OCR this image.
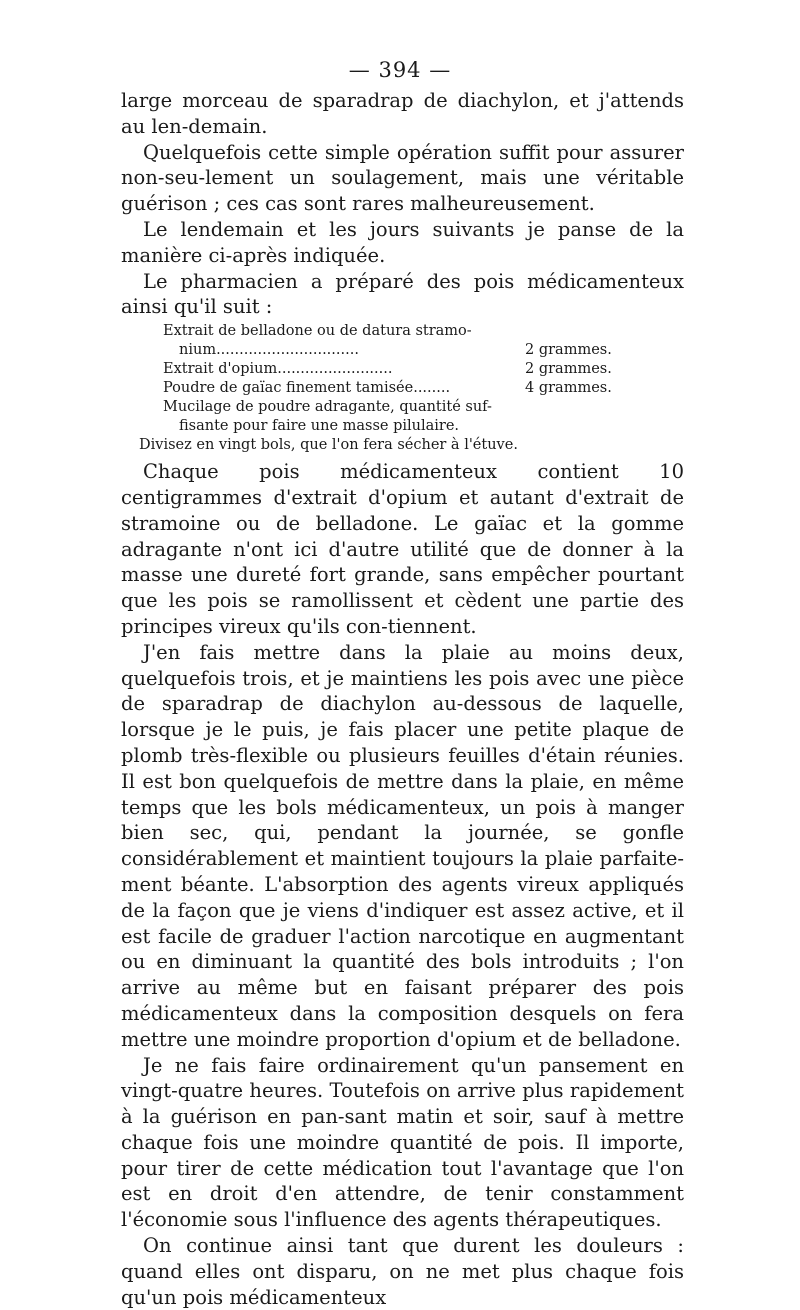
— 394 —

large morceau de sparadrap de diachylon, et j'attends au len-demain.

Quelquefois cette simple opération suffit pour assurer non-seu-lement un soulagement, mais une véritable guérison ; ces cas sont rares malheureusement.

Le lendemain et les jours suivants je panse de la manière ci-après indiquée.

Le pharmacien a préparé des pois médicamenteux ainsi qu'il suit :

Extrait de belladone ou de datura stramo-
nium...............................	2 grammes.
Extrait d'opium.........................	2 grammes.
Poudre de gaïac finement tamisée........	4 grammes.
Mucilage de poudre adragante, quantité suf-
fisante pour faire une masse pilulaire.
Divisez en vingt bols, que l'on fera sécher à l'étuve.

Chaque pois médicamenteux contient 10 centigrammes d'extrait d'opium et autant d'extrait de stramoine ou de belladone. Le gaïac et la gomme adragante n'ont ici d'autre utilité que de donner à la masse une dureté fort grande, sans empêcher pourtant que les pois se ramollissent et cèdent une partie des principes vireux qu'ils con-tiennent.

J'en fais mettre dans la plaie au moins deux, quelquefois trois, et je maintiens les pois avec une pièce de sparadrap de diachylon au-dessous de laquelle, lorsque je le puis, je fais placer une petite plaque de plomb très-flexible ou plusieurs feuilles d'étain réunies. Il est bon quelquefois de mettre dans la plaie, en même temps que les bols médicamenteux, un pois à manger bien sec, qui, pendant la journée, se gonfle considérablement et maintient toujours la plaie parfaite-ment béante. L'absorption des agents vireux appliqués de la façon que je viens d'indiquer est assez active, et il est facile de graduer l'action narcotique en augmentant ou en diminuant la quantité des bols introduits ; l'on arrive au même but en faisant préparer des pois médicamenteux dans la composition desquels on fera mettre une moindre proportion d'opium et de belladone.

Je ne fais faire ordinairement qu'un pansement en vingt-quatre heures. Toutefois on arrive plus rapidement à la guérison en pan-sant matin et soir, sauf à mettre chaque fois une moindre quantité de pois. Il importe, pour tirer de cette médication tout l'avantage que l'on est en droit d'en attendre, de tenir constamment l'économie sous l'influence des agents thérapeutiques.

On continue ainsi tant que durent les douleurs : quand elles ont disparu, on ne met plus chaque fois qu'un pois médicamenteux
